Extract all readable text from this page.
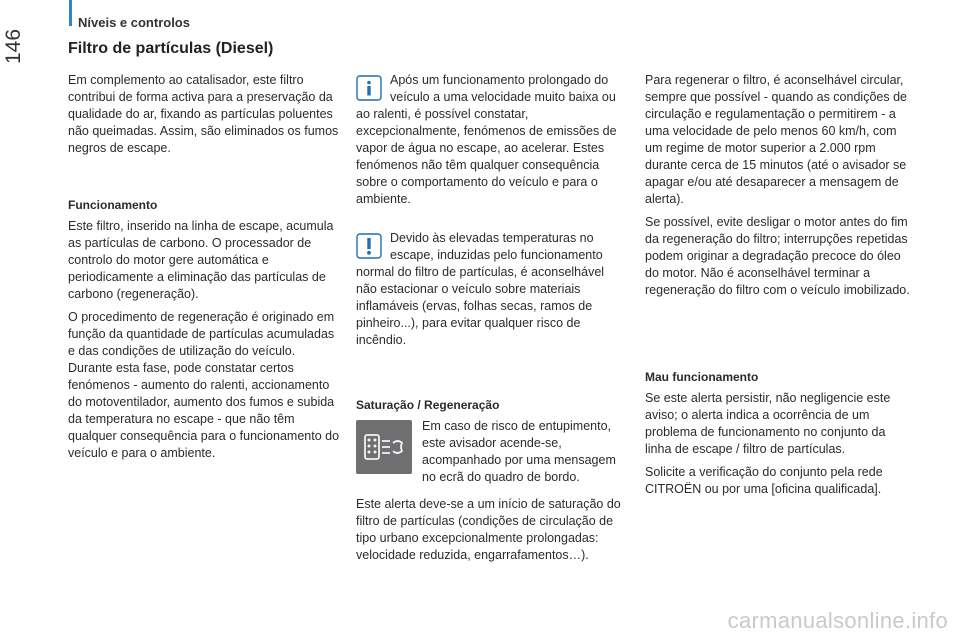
Níveis e controlos
146	Filtro de partículas (Diesel)

Em complemento ao catalisador, este filtro contribui de forma activa para a preservação da qualidade do ar, fixando as partículas poluentes não queimadas. Assim, são eliminados os fumos negros de escape.

Funcionamento

Este filtro, inserido na linha de escape, acumula as partículas de carbono. O processador de controlo do motor gere automática e periodicamente a eliminação das partículas de carbono (regeneração).

O procedimento de regeneração é originado em função da quantidade de partículas acumuladas e das condições de utilização do veículo. Durante esta fase, pode constatar certos fenómenos - aumento do ralenti, accionamento do motoventilador, aumento dos fumos e subida da temperatura no escape - que não têm qualquer consequência para o funcionamento do veículo e para o ambiente.

Após um funcionamento prolongado do veículo a uma velocidade muito baixa ou ao ralenti, é possível constatar, excepcionalmente, fenómenos de emissões de vapor de água no escape, ao acelerar. Estes fenómenos não têm qualquer consequência sobre o comportamento do veículo e para o ambiente.

Devido às elevadas temperaturas no escape, induzidas pelo funcionamento normal do filtro de partículas, é aconselhável não estacionar o veículo sobre materiais inflamáveis (ervas, folhas secas, ramos de pinheiro...), para evitar qualquer risco de incêndio.

Saturação / Regeneração

Em caso de risco de entupimento, este avisador acende-se, acompanhado por uma mensagem no ecrã do quadro de bordo.

Este alerta deve-se a um início de saturação do filtro de partículas (condições de circulação de tipo urbano excepcionalmente prolongadas: velocidade reduzida, engarrafamentos…).

Para regenerar o filtro, é aconselhável circular, sempre que possível - quando as condições de circulação e regulamentação o permitirem - a uma velocidade de pelo menos 60 km/h, com um regime de motor superior a 2.000 rpm durante cerca de 15 minutos (até o avisador se apagar e/ou até desaparecer a mensagem de alerta).

Se possível, evite desligar o motor antes do fim da regeneração do filtro; interrupções repetidas podem originar a degradação precoce do óleo do motor. Não é aconselhável terminar a regeneração do filtro com o veículo imobilizado.

Mau funcionamento

Se este alerta persistir, não negligencie este aviso; o alerta indica a ocorrência de um problema de funcionamento no conjunto da linha de escape / filtro de partículas.

Solicite a verificação do conjunto pela rede CITROËN ou por uma [oficina qualificada].

carmanualsonline.info
